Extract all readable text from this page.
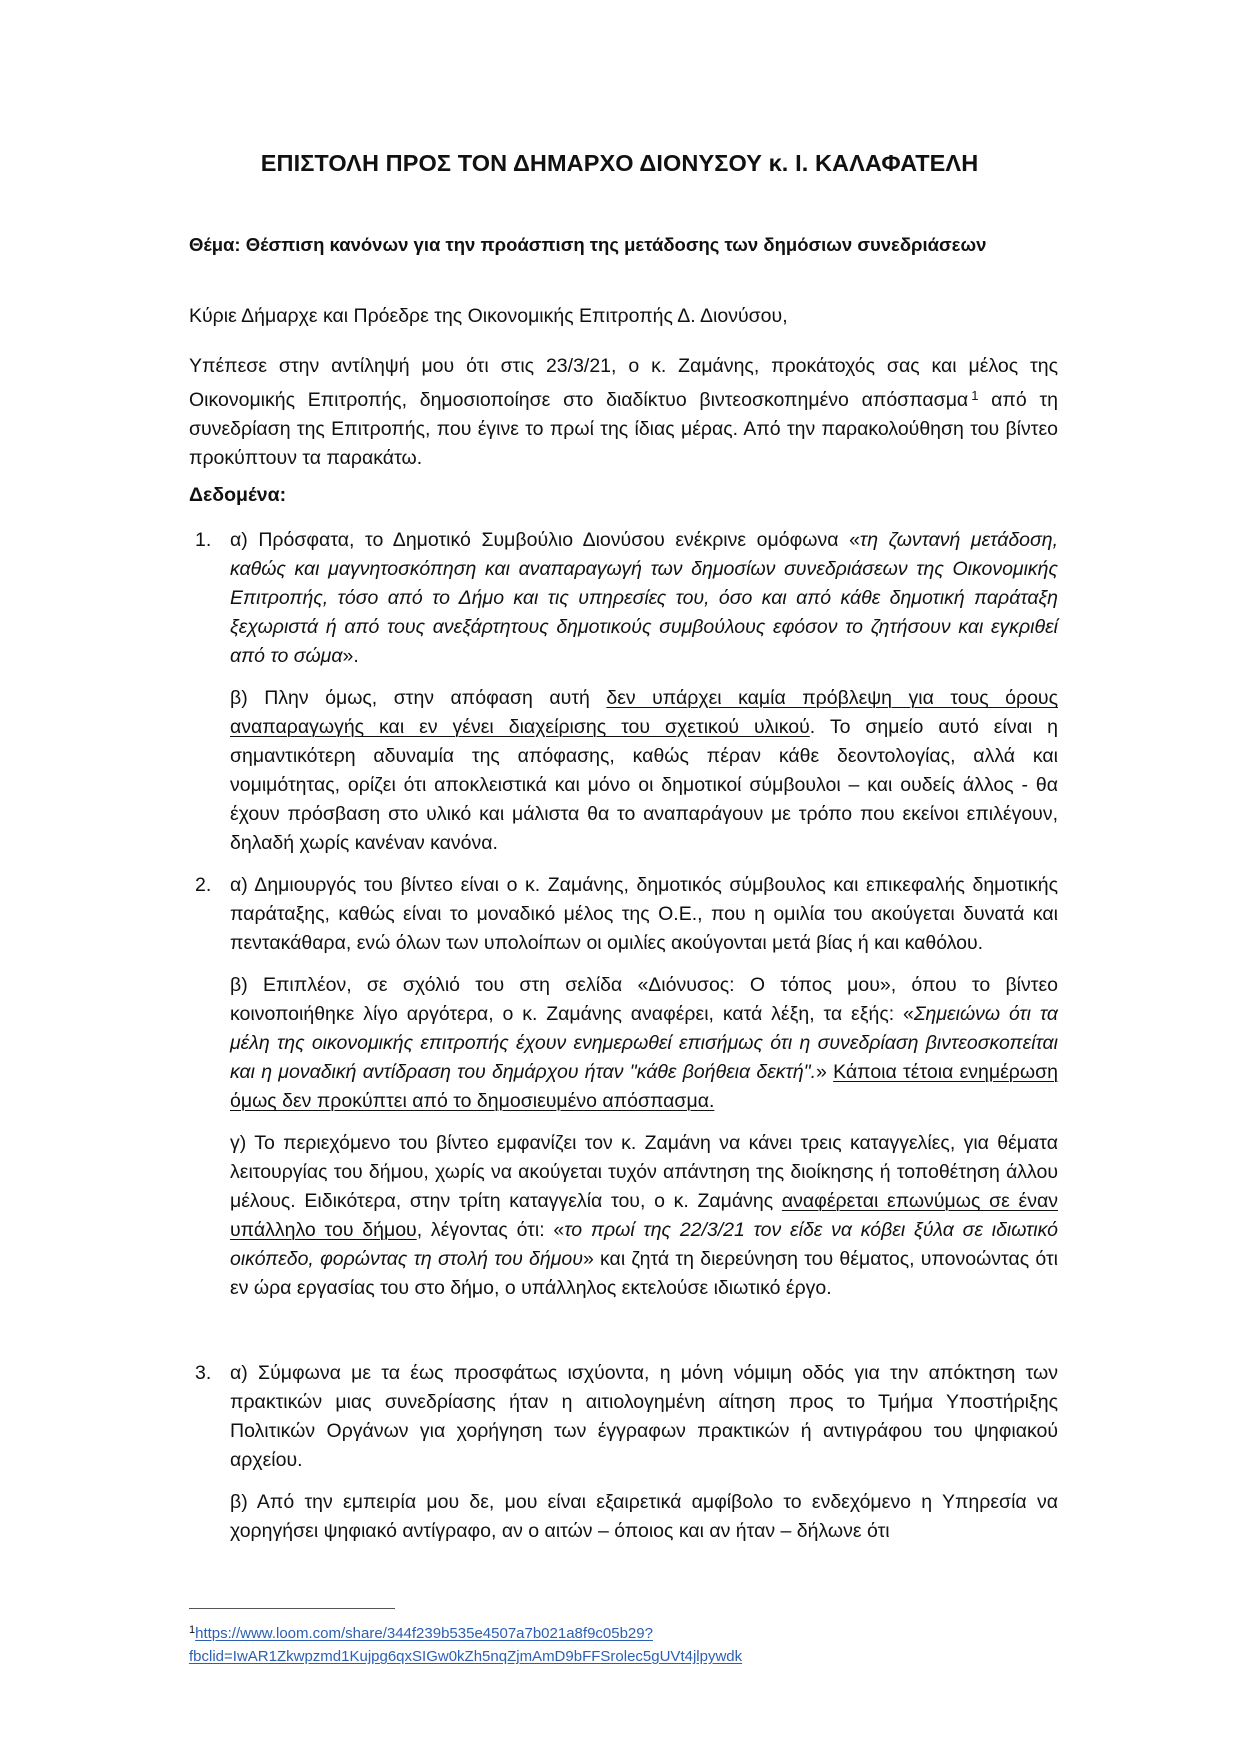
ΕΠΙΣΤΟΛΗ ΠΡΟΣ ΤΟΝ ΔΗΜΑΡΧΟ ΔΙΟΝΥΣΟΥ κ. Ι. ΚΑΛΑΦΑΤΕΛΗ
Θέμα: Θέσπιση κανόνων για την προάσπιση της μετάδοσης των δημόσιων συνεδριάσεων

Κύριε Δήμαρχε και Πρόεδρε της Οικονομικής Επιτροπής Δ. Διονύσου,

Υπέπεσε στην αντίληψή μου ότι στις 23/3/21, ο κ. Ζαμάνης, προκάτοχός σας και μέλος της Οικονομικής Επιτροπής, δημοσιοποίησε στο διαδίκτυο βιντεοσκοπημένο απόσπασμα $^1$ από τη συνεδρίαση της Επιτροπής, που έγινε το πρωί της ίδιας μέρας. Από την παρακολούθηση του βίντεο προκύπτουν τα παρακάτω.
Δεδομένα:
1. α) Πρόσφατα, το Δημοτικό Συμβούλιο Διονύσου ενέκρινε ομόφωνα «τη ζωντανή μετάδοση, καθώς και μαγνητοσκόπηση και αναπαραγωγή των δημοσίων συνεδριάσεων της Οικονομικής Επιτροπής, τόσο από το Δήμο και τις υπηρεσίες του, όσο και από κάθε δημοτική παράταξη ξεχωριστά ή από τους ανεξάρτητους δημοτικούς συμβούλους εφόσον το ζητήσουν και εγκριθεί από το σώμα».

β) Πλην όμως, στην απόφαση αυτή δεν υπάρχει καμία πρόβλεψη για τους όρους αναπαραγωγής και εν γένει διαχείρισης του σχετικού υλικού. Το σημείο αυτό είναι η σημαντικότερη αδυναμία της απόφασης, καθώς πέραν κάθε δεοντολογίας, αλλά και νομιμότητας, ορίζει ότι αποκλειστικά και μόνο οι δημοτικοί σύμβουλοι – και ουδείς άλλος - θα έχουν πρόσβαση στο υλικό και μάλιστα θα το αναπαράγουν με τρόπο που εκείνοι επιλέγουν, δηλαδή χωρίς κανέναν κανόνα.

2. α) Δημιουργός του βίντεο είναι ο κ. Ζαμάνης, δημοτικός σύμβουλος και επικεφαλής δημοτικής παράταξης, καθώς είναι το μοναδικό μέλος της Ο.Ε., που η ομιλία του ακούγεται δυνατά και πεντακάθαρα, ενώ όλων των υπολοίπων οι ομιλίες ακούγονται μετά βίας ή και καθόλου.

β) Επιπλέον, σε σχόλιό του στη σελίδα «Διόνυσος: Ο τόπος μου», όπου το βίντεο κοινοποιήθηκε λίγο αργότερα, ο κ. Ζαμάνης αναφέρει, κατά λέξη, τα εξής: «Σημειώνω ότι τα μέλη της οικονομικής επιτροπής έχουν ενημερωθεί επισήμως ότι η συνεδρίαση βιντεοσκοπείται και η μοναδική αντίδραση του δημάρχου ήταν "κάθε βοήθεια δεκτή".» Κάποια τέτοια ενημέρωση όμως δεν προκύπτει από το δημοσιευμένο απόσπασμα.

γ) Το περιεχόμενο του βίντεο εμφανίζει τον κ. Ζαμάνη να κάνει τρεις καταγγελίες, για θέματα λειτουργίας του δήμου, χωρίς να ακούγεται τυχόν απάντηση της διοίκησης ή τοποθέτηση άλλου μέλους. Ειδικότερα, στην τρίτη καταγγελία του, ο κ. Ζαμάνης αναφέρεται επωνύμως σε έναν υπάλληλο του δήμου, λέγοντας ότι: «το πρωί της 22/3/21 τον είδε να κόβει ξύλα σε ιδιωτικό οικόπεδο, φορώντας τη στολή του δήμου» και ζητά τη διερεύνηση του θέματος, υπονοώντας ότι εν ώρα εργασίας του στο δήμο, ο υπάλληλος εκτελούσε ιδιωτικό έργο.

3. α) Σύμφωνα με τα έως προσφάτως ισχύοντα, η μόνη νόμιμη οδός για την απόκτηση των πρακτικών μιας συνεδρίασης ήταν η αιτιολογημένη αίτηση προς το Τμήμα Υποστήριξης Πολιτικών Οργάνων για χορήγηση των έγγραφων πρακτικών ή αντιγράφου του ψηφιακού αρχείου.

β) Από την εμπειρία μου δε, μου είναι εξαιρετικά αμφίβολο το ενδεχόμενο η Υπηρεσία να χορηγήσει ψηφιακό αντίγραφο, αν ο αιτών – όποιος και αν ήταν – δήλωνε ότι

$^1$https://www.loom.com/share/344f239b535e4507a7b021a8f9c05b29?
fbclid=IwAR1Zkwpzmd1Kujpg6qxSIGw0kZh5nqZjmAmD9bFFSrolec5gUVt4jlpywdk
